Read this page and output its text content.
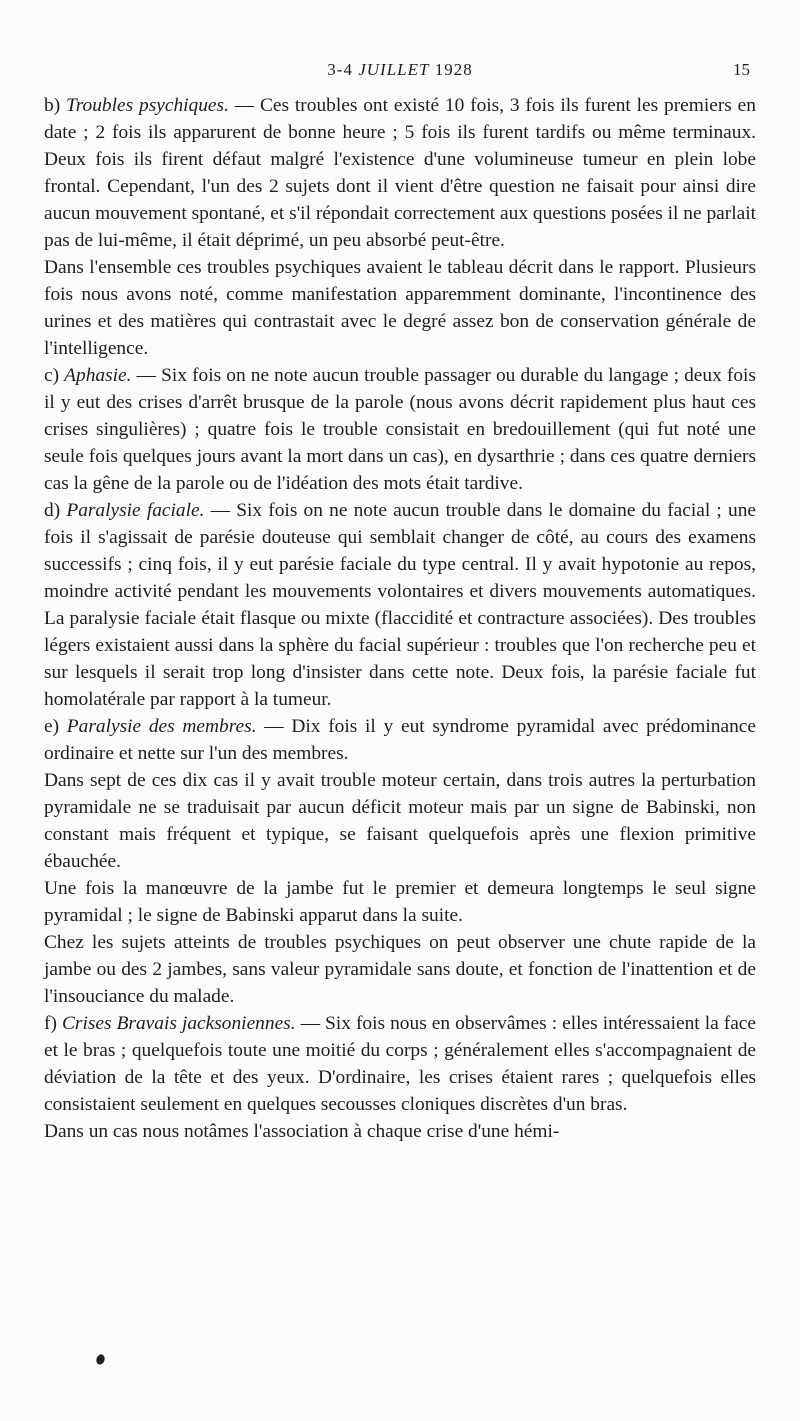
3-4 JUILLET 1928	15

b) Troubles psychiques. — Ces troubles ont existé 10 fois, 3 fois ils furent les premiers en date ; 2 fois ils apparurent de bonne heure ; 5 fois ils furent tardifs ou même terminaux. Deux fois ils firent défaut malgré l'existence d'une volumineuse tumeur en plein lobe frontal. Cependant, l'un des 2 sujets dont il vient d'être question ne faisait pour ainsi dire aucun mouvement spontané, et s'il répondait correctement aux questions posées il ne parlait pas de lui-même, il était déprimé, un peu absorbé peut-être.

Dans l'ensemble ces troubles psychiques avaient le tableau décrit dans le rapport. Plusieurs fois nous avons noté, comme manifestation apparemment dominante, l'incontinence des urines et des matières qui contrastait avec le degré assez bon de conservation générale de l'intelligence.

c) Aphasie. — Six fois on ne note aucun trouble passager ou durable du langage ; deux fois il y eut des crises d'arrêt brusque de la parole (nous avons décrit rapidement plus haut ces crises singulières) ; quatre fois le trouble consistait en bredouillement (qui fut noté une seule fois quelques jours avant la mort dans un cas), en dysarthrie ; dans ces quatre derniers cas la gêne de la parole ou de l'idéation des mots était tardive.

d) Paralysie faciale. — Six fois on ne note aucun trouble dans le domaine du facial ; une fois il s'agissait de parésie douteuse qui semblait changer de côté, au cours des examens successifs ; cinq fois, il y eut parésie faciale du type central. Il y avait hypotonie au repos, moindre activité pendant les mouvements volontaires et divers mouvements automatiques. La paralysie faciale était flasque ou mixte (flaccidité et contracture associées). Des troubles légers existaient aussi dans la sphère du facial supérieur : troubles que l'on recherche peu et sur lesquels il serait trop long d'insister dans cette note. Deux fois, la parésie faciale fut homolatérale par rapport à la tumeur.

e) Paralysie des membres. — Dix fois il y eut syndrome pyramidal avec prédominance ordinaire et nette sur l'un des membres.

Dans sept de ces dix cas il y avait trouble moteur certain, dans trois autres la perturbation pyramidale ne se traduisait par aucun déficit moteur mais par un signe de Babinski, non constant mais fréquent et typique, se faisant quelquefois après une flexion primitive ébauchée.

Une fois la manœuvre de la jambe fut le premier et demeura longtemps le seul signe pyramidal ; le signe de Babinski apparut dans la suite.

Chez les sujets atteints de troubles psychiques on peut observer une chute rapide de la jambe ou des 2 jambes, sans valeur pyramidale sans doute, et fonction de l'inattention et de l'insouciance du malade.

f) Crises Bravais jacksoniennes. — Six fois nous en observâmes : elles intéressaient la face et le bras ; quelquefois toute une moitié du corps ; généralement elles s'accompagnaient de déviation de la tête et des yeux. D'ordinaire, les crises étaient rares ; quelquefois elles consistaient seulement en quelques secousses cloniques discrètes d'un bras.

Dans un cas nous notâmes l'association à chaque crise d'une hémi-
